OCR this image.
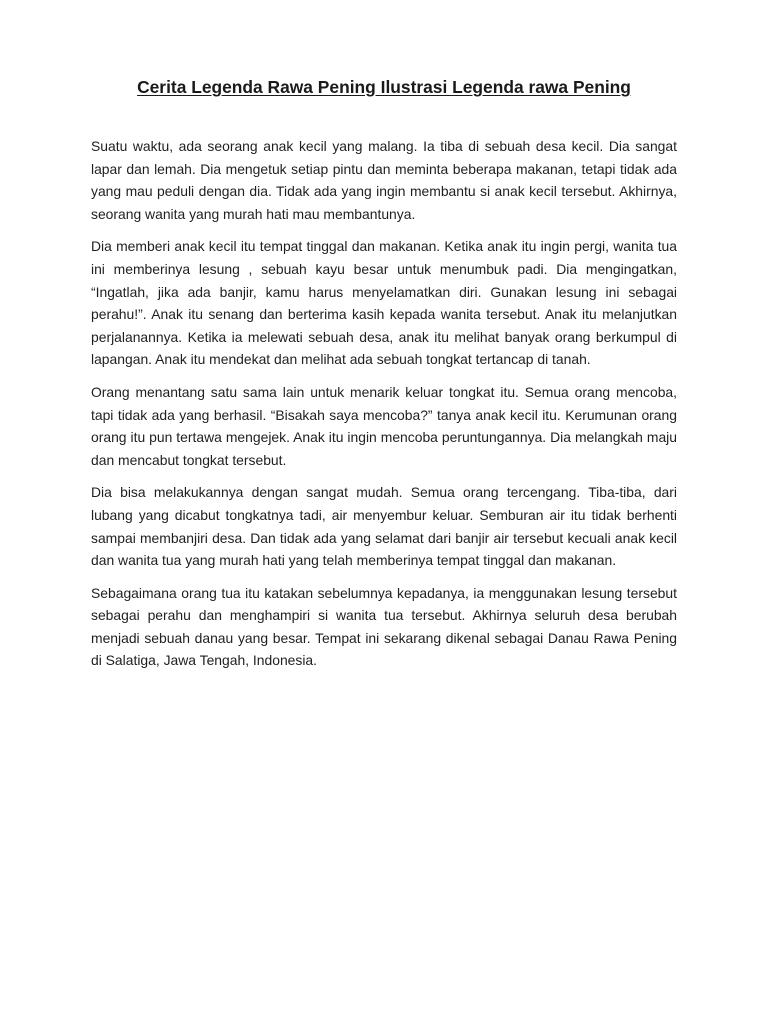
Cerita Legenda Rawa Pening Ilustrasi Legenda rawa Pening

Suatu waktu, ada seorang anak kecil yang malang. Ia tiba di sebuah desa kecil. Dia sangat lapar dan lemah. Dia mengetuk setiap pintu dan meminta beberapa makanan, tetapi tidak ada yang mau peduli dengan dia. Tidak ada yang ingin membantu si anak kecil tersebut. Akhirnya, seorang wanita yang murah hati mau membantunya.

Dia memberi anak kecil itu tempat tinggal dan makanan. Ketika anak itu ingin pergi, wanita tua ini memberinya lesung , sebuah kayu besar untuk menumbuk padi. Dia mengingatkan, “Ingatlah, jika ada banjir, kamu harus menyelamatkan diri. Gunakan lesung ini sebagai perahu!”. Anak itu senang dan berterima kasih kepada wanita tersebut. Anak itu melanjutkan perjalanannya. Ketika ia melewati sebuah desa, anak itu melihat banyak orang berkumpul di lapangan. Anak itu mendekat dan melihat ada sebuah tongkat tertancap di tanah.

Orang menantang satu sama lain untuk menarik keluar tongkat itu. Semua orang mencoba, tapi tidak ada yang berhasil. “Bisakah saya mencoba?” tanya anak kecil itu. Kerumunan orang orang itu pun tertawa mengejek. Anak itu ingin mencoba peruntungannya. Dia melangkah maju dan mencabut tongkat tersebut.

Dia bisa melakukannya dengan sangat mudah. Semua orang tercengang. Tiba-tiba, dari lubang yang dicabut tongkatnya tadi, air menyembur keluar. Semburan air itu tidak berhenti sampai membanjiri desa. Dan tidak ada yang selamat dari banjir air tersebut kecuali anak kecil dan wanita tua yang murah hati yang telah memberinya tempat tinggal dan makanan.

Sebagaimana orang tua itu katakan sebelumnya kepadanya, ia menggunakan lesung tersebut sebagai perahu dan menghampiri si wanita tua tersebut. Akhirnya seluruh desa berubah menjadi sebuah danau yang besar. Tempat ini sekarang dikenal sebagai Danau Rawa Pening di Salatiga, Jawa Tengah, Indonesia.
